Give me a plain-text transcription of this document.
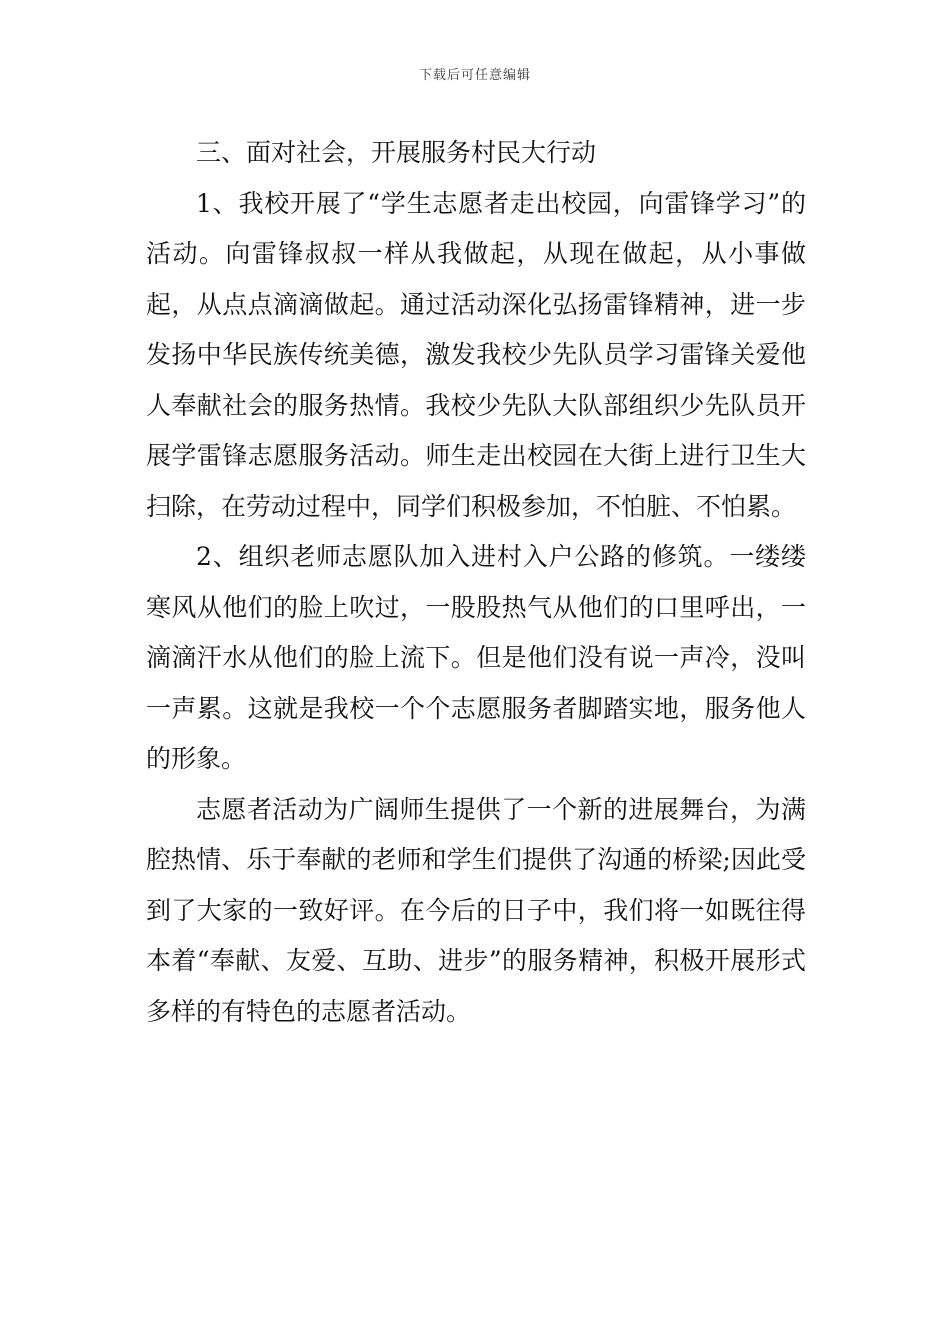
下载后可任意编辑

三、面对社会，开展服务村民大行动

1、我校开展了“学生志愿者走出校园，向雷锋学习”的活动。向雷锋叔叔一样从我做起，从现在做起，从小事做起，从点点滴滴做起。通过活动深化弘扬雷锋精神，进一步发扬中华民族传统美德，激发我校少先队员学习雷锋关爱他人奉献社会的服务热情。我校少先队大队部组织少先队员开展学雷锋志愿服务活动。师生走出校园在大街上进行卫生大扫除，在劳动过程中，同学们积极参加，不怕脏、不怕累。

2、组织老师志愿队加入进村入户公路的修筑。一缕缕寒风从他们的脸上吹过，一股股热气从他们的口里呼出，一滴滴汗水从他们的脸上流下。但是他们没有说一声冷，没叫一声累。这就是我校一个个志愿服务者脚踏实地，服务他人的形象。

志愿者活动为广阔师生提供了一个新的进展舞台，为满腔热情、乐于奉献的老师和学生们提供了沟通的桥梁;因此受到了大家的一致好评。在今后的日子中，我们将一如既往得本着“奉献、友爱、互助、进步”的服务精神，积极开展形式多样的有特色的志愿者活动。
